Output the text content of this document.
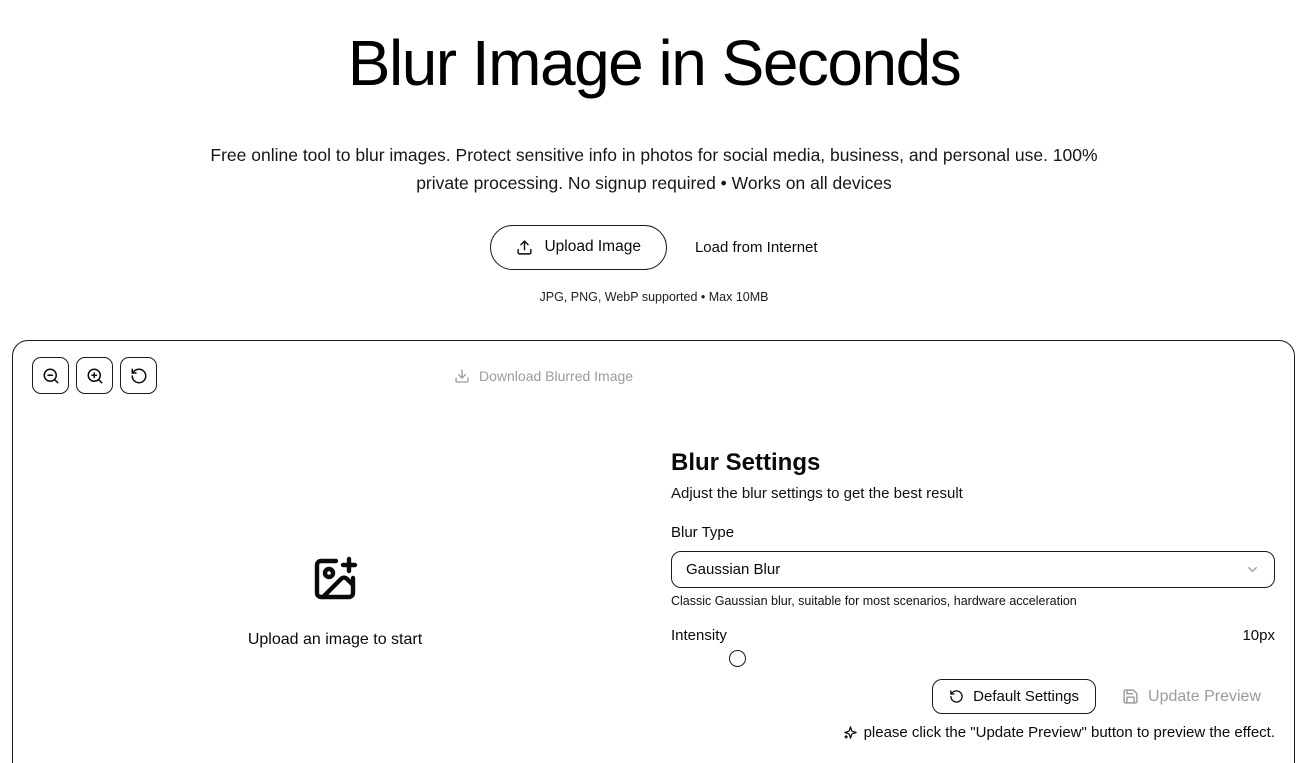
Blur Image in Seconds

Free online tool to blur images. Protect sensitive info in photos for social media, business, and personal use. 100% private processing. No signup required • Works on all devices

Upload Image	Load from Internet

JPG, PNG, WebP supported • Max 10MB

Download Blurred Image
Upload an image to start
Blur Settings

Adjust the blur settings to get the best result

Blur Type

Gaussian Blur

Classic Gaussian blur, suitable for most scenarios, hardware acceleration

Intensity	10px
Default Settings	Update Preview
please click the "Update Preview" button to preview the effect.
